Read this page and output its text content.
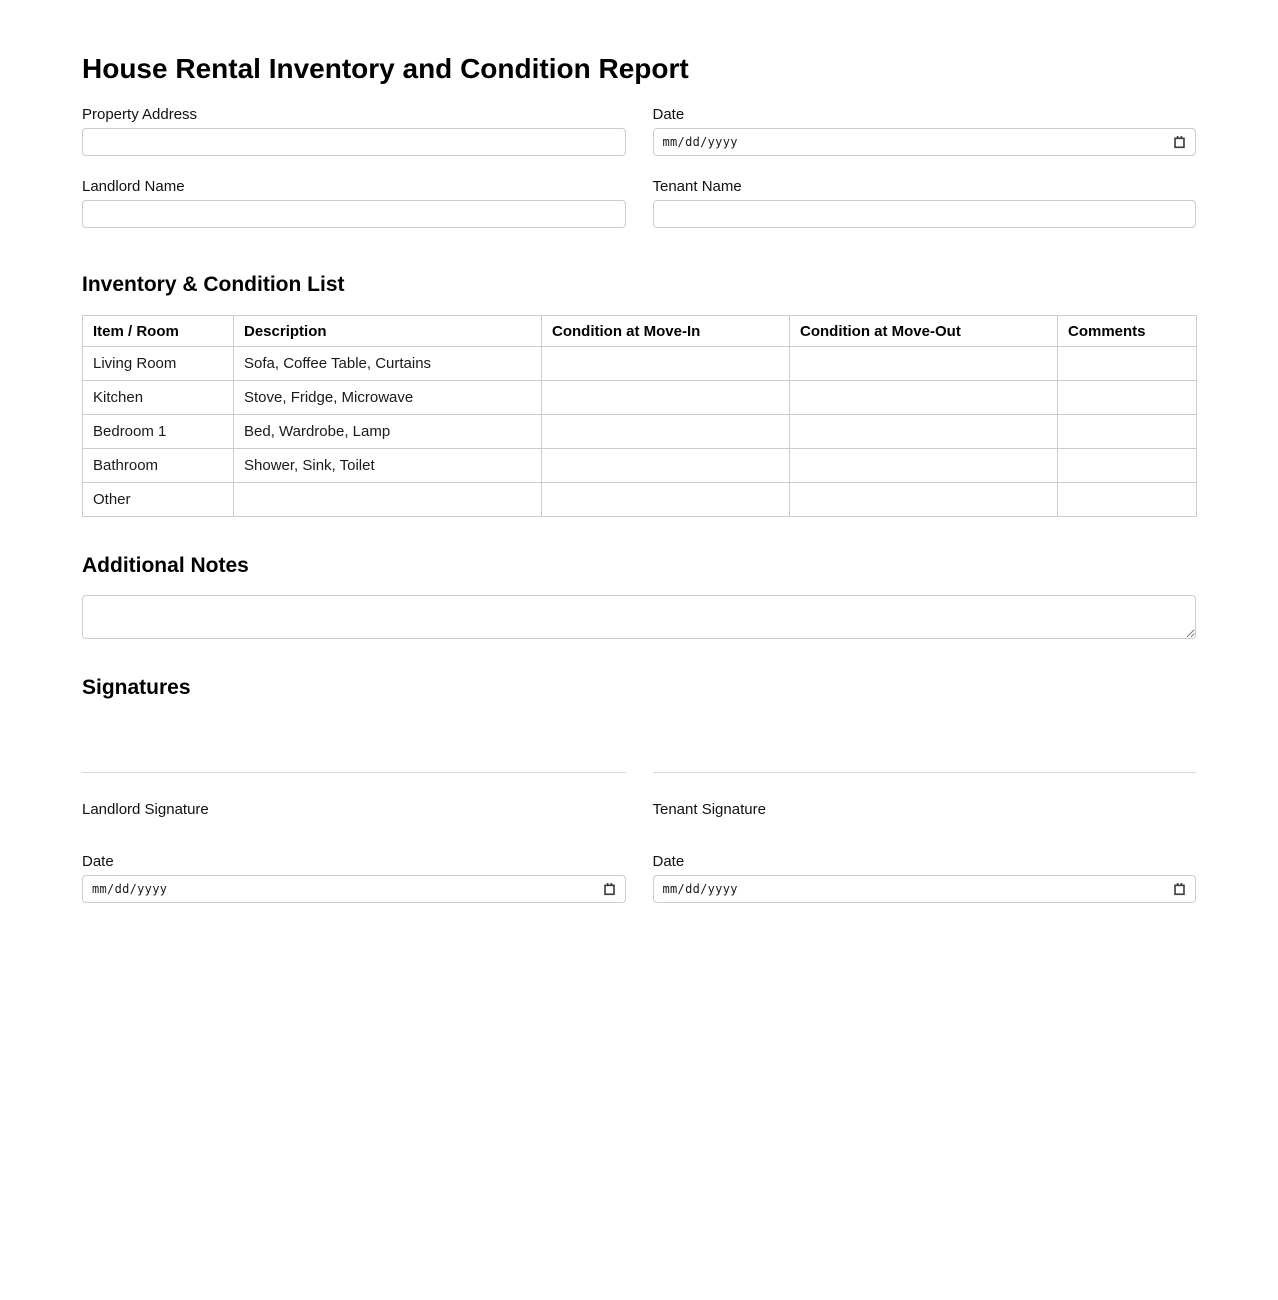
House Rental Inventory and Condition Report
Property Address	Date
mm/dd/yyyy
Landlord Name	Tenant Name
Inventory & Condition List
Item / Room	Description	Condition at Move-In	Condition at Move-Out	Comments
Living Room	Sofa, Coffee Table, Curtains			
Kitchen	Stove, Fridge, Microwave			
Bedroom 1	Bed, Wardrobe, Lamp			
Bathroom	Shower, Sink, Toilet			
Other				
Additional Notes
Signatures
Landlord Signature
Date
mm/dd/yyyy
Tenant Signature
Date
mm/dd/yyyy
